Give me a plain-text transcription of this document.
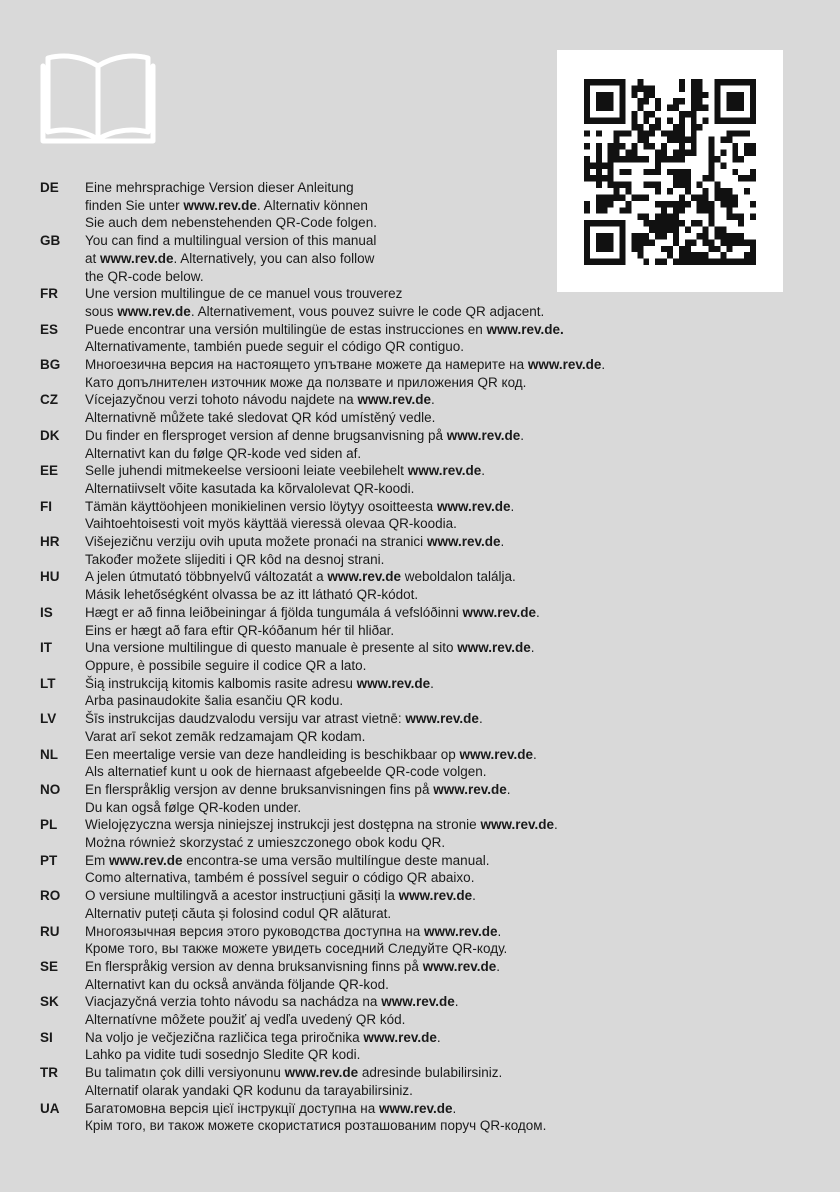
DE	Eine mehrsprachige Version dieser Anleitung
finden Sie unter www.rev.de. Alternativ können
Sie auch dem nebenstehenden QR-Code folgen.
GB	You can find a multilingual version of this manual
at www.rev.de. Alternatively, you can also follow
the QR-code below.
FR	Une version multilingue de ce manuel vous trouverez
sous www.rev.de. Alternativement, vous pouvez suivre le code QR adjacent.
ES	Puede encontrar una versión multilingüe de estas instrucciones en www.rev.de.
Alternativamente, también puede seguir el código QR contiguo.
BG	Многоезична версия на настоящето упътване можете да намерите на www.rev.de.
Като допълнителен източник може да ползвате и приложения QR код.
CZ	Vícejazyčnou verzi tohoto návodu najdete na www.rev.de.
Alternativně můžete také sledovat QR kód umístěný vedle.
DK	Du finder en flersproget version af denne brugsanvisning på www.rev.de.
Alternativt kan du følge QR-kode ved siden af.
EE	Selle juhendi mitmekeelse versiooni leiate veebilehelt www.rev.de.
Alternatiivselt võite kasutada ka kõrvalolevat QR-koodi.
FI	Tämän käyttöohjeen monikielinen versio löytyy osoitteesta www.rev.de.
Vaihtoehtoisesti voit myös käyttää vieressä olevaa QR-koodia.
HR	Višejezičnu verziju ovih uputa možete pronaći na stranici www.rev.de.
Također možete slijediti i QR kôd na desnoj strani.
HU	A jelen útmutató többnyelvű változatát a www.rev.de weboldalon találja.
Másik lehetőségként olvassa be az itt látható QR-kódot.
IS	Hægt er að finna leiðbeiningar á fjölda tungumála á vefslóðinni www.rev.de.
Eins er hægt að fara eftir QR-kóðanum hér til hliðar.
IT	Una versione multilingue di questo manuale è presente al sito www.rev.de.
Oppure, è possibile seguire il codice QR a lato.
LT	Šią instrukciją kitomis kalbomis rasite adresu www.rev.de.
Arba pasinaudokite šalia esančiu QR kodu.
LV	Šīs instrukcijas daudzvalodu versiju var atrast vietnē: www.rev.de.
Varat arī sekot zemāk redzamajam QR kodam.
NL	Een meertalige versie van deze handleiding is beschikbaar op www.rev.de.
Als alternatief kunt u ook de hiernaast afgebeelde QR-code volgen.
NO	En flerspråklig versjon av denne bruksanvisningen fins på www.rev.de.
Du kan også følge QR-koden under.
PL	Wielojęzyczna wersja niniejszej instrukcji jest dostępna na stronie www.rev.de.
Można również skorzystać z umieszczonego obok kodu QR.
PT	Em www.rev.de encontra-se uma versão multilíngue deste manual.
Como alternativa, também é possível seguir o código QR abaixo.
RO	O versiune multilingvă a acestor instrucțiuni găsiți la www.rev.de.
Alternativ puteți căuta și folosind codul QR alăturat.
RU	Многоязычная версия этого руководства доступна на www.rev.de.
Кроме того, вы также можете увидеть соседний Следуйте QR-коду.
SE	En flerspråkig version av denna bruksanvisning finns på www.rev.de.
Alternativt kan du också använda följande QR-kod.
SK	Viacjazyčná verzia tohto návodu sa nachádza na www.rev.de.
Alternatívne môžete použiť aj vedľa uvedený QR kód.
SI	Na voljo je večjezična različica tega priročnika www.rev.de.
Lahko pa vidite tudi sosednjo Sledite QR kodi.
TR	Bu talimatın çok dilli versiyonunu www.rev.de adresinde bulabilirsiniz.
Alternatif olarak yandaki QR kodunu da tarayabilirsiniz.
UA	Багатомовна версія цієї інструкції доступна на www.rev.de.
Крім того, ви також можете скористатися розташованим поруч QR-кодом.
